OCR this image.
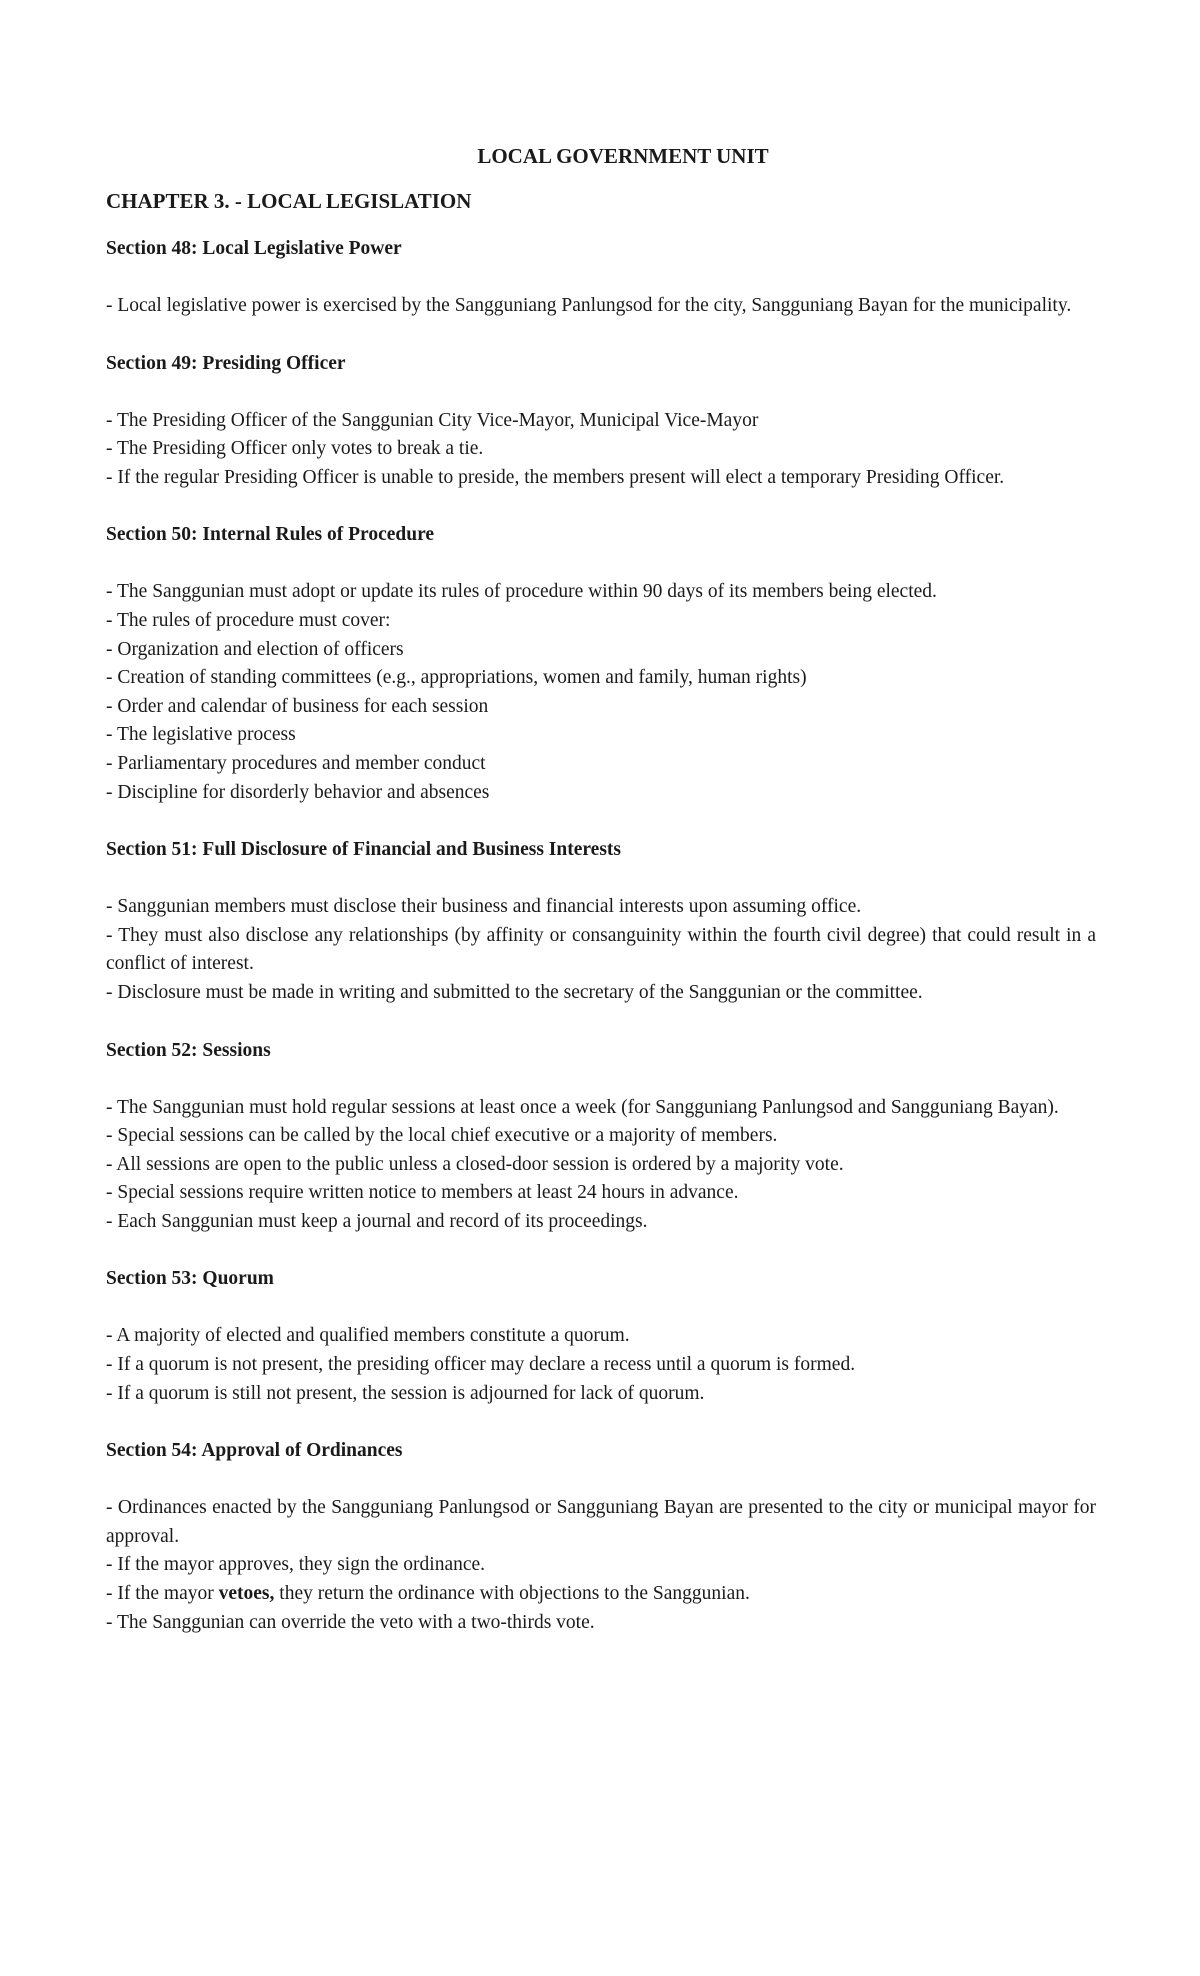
LOCAL GOVERNMENT UNIT
CHAPTER 3. - LOCAL LEGISLATION
Section 48: Local Legislative Power

- Local legislative power is exercised by the Sangguniang Panlungsod for the city, Sangguniang Bayan for the municipality.

Section 49: Presiding Officer

- The Presiding Officer of the Sanggunian City Vice-Mayor, Municipal Vice-Mayor

- The Presiding Officer only votes to break a tie.

- If the regular Presiding Officer is unable to preside, the members present will elect a temporary Presiding Officer.

Section 50: Internal Rules of Procedure

- The Sanggunian must adopt or update its rules of procedure within 90 days of its members being elected.

- The rules of procedure must cover:

- Organization and election of officers

- Creation of standing committees (e.g., appropriations, women and family, human rights)

- Order and calendar of business for each session

- The legislative process

- Parliamentary procedures and member conduct

- Discipline for disorderly behavior and absences

Section 51: Full Disclosure of Financial and Business Interests

- Sanggunian members must disclose their business and financial interests upon assuming office.

- They must also disclose any relationships (by affinity or consanguinity within the fourth civil degree) that could result in a conflict of interest.

- Disclosure must be made in writing and submitted to the secretary of the Sanggunian or the committee.

Section 52: Sessions

- The Sanggunian must hold regular sessions at least once a week (for Sangguniang Panlungsod and Sangguniang Bayan).

- Special sessions can be called by the local chief executive or a majority of members.

- All sessions are open to the public unless a closed-door session is ordered by a majority vote.

- Special sessions require written notice to members at least 24 hours in advance.

- Each Sanggunian must keep a journal and record of its proceedings.

Section 53: Quorum

- A majority of elected and qualified members constitute a quorum.

- If a quorum is not present, the presiding officer may declare a recess until a quorum is formed.

- If a quorum is still not present, the session is adjourned for lack of quorum.

Section 54: Approval of Ordinances

- Ordinances enacted by the Sangguniang Panlungsod or Sangguniang Bayan are presented to the city or municipal mayor for approval.

- If the mayor approves, they sign the ordinance.

- If the mayor vetoes, they return the ordinance with objections to the Sanggunian.

- The Sanggunian can override the veto with a two-thirds vote.
